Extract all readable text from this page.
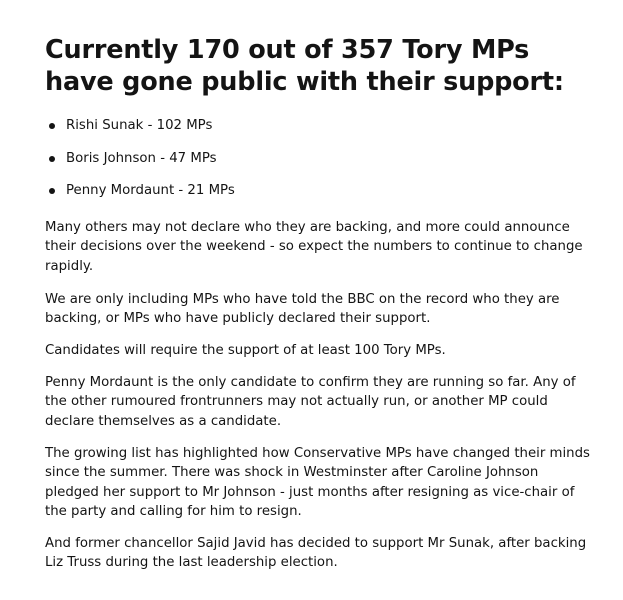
Currently 170 out of 357 Tory MPs have gone public with their support:
Rishi Sunak - 102 MPs
Boris Johnson - 47 MPs
Penny Mordaunt - 21 MPs

Many others may not declare who they are backing, and more could announce their decisions over the weekend - so expect the numbers to continue to change rapidly.

We are only including MPs who have told the BBC on the record who they are backing, or MPs who have publicly declared their support.

Candidates will require the support of at least 100 Tory MPs.

Penny Mordaunt is the only candidate to confirm they are running so far. Any of the other rumoured frontrunners may not actually run, or another MP could declare themselves as a candidate.

The growing list has highlighted how Conservative MPs have changed their minds since the summer. There was shock in Westminster after Caroline Johnson pledged her support to Mr Johnson - just months after resigning as vice-chair of the party and calling for him to resign.

And former chancellor Sajid Javid has decided to support Mr Sunak, after backing Liz Truss during the last leadership election.
